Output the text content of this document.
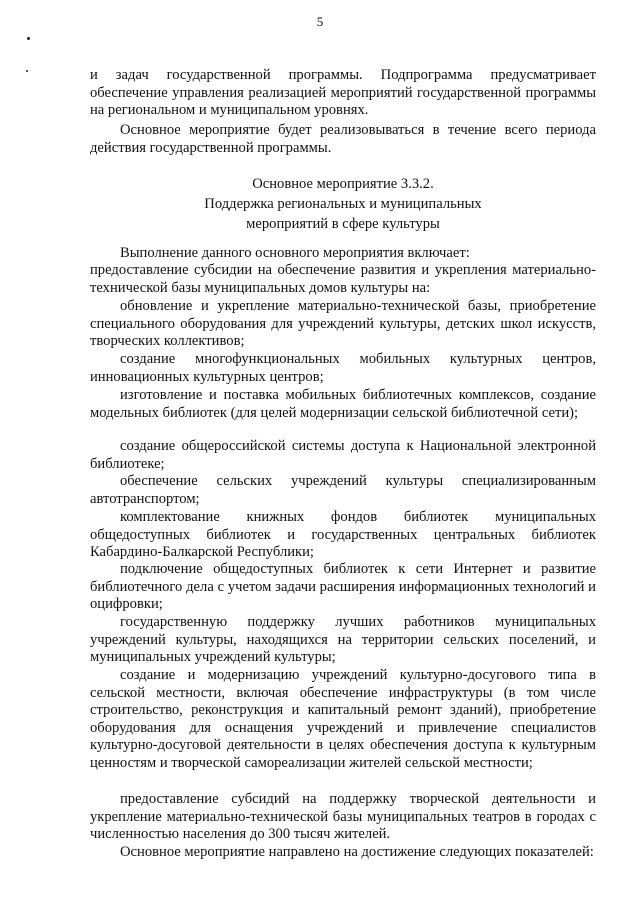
5

и задач государственной программы. Подпрограмма предусматривает обеспечение управления реализацией мероприятий государственной программы на региональном и муниципальном уровнях.

Основное мероприятие будет реализовываться в течение всего периода действия государственной программы.

Основное мероприятие 3.3.2.
Поддержка региональных и муниципальных
мероприятий в сфере культуры

Выполнение данного основного мероприятия включает:

предоставление субсидии на обеспечение развития и укрепления материально-технической базы муниципальных домов культуры на:

обновление и укрепление материально-технической базы, приобретение специального оборудования для учреждений культуры, детских школ искусств, творческих коллективов;

создание многофункциональных мобильных культурных центров, инновационных культурных центров;

изготовление и поставка мобильных библиотечных комплексов, создание модельных библиотек (для целей модернизации сельской библиотечной сети);

создание общероссийской системы доступа к Национальной электронной библиотеке;

обеспечение сельских учреждений культуры специализированным автотранспортом;

комплектование книжных фондов библиотек муниципальных общедоступных библиотек и государственных центральных библиотек Кабардино-Балкарской Республики;

подключение общедоступных библиотек к сети Интернет и развитие библиотечного дела с учетом задачи расширения информационных технологий и оцифровки;

государственную поддержку лучших работников муниципальных учреждений культуры, находящихся на территории сельских поселений, и муниципальных учреждений культуры;

создание и модернизацию учреждений культурно-досугового типа в сельской местности, включая обеспечение инфраструктуры (в том числе строительство, реконструкция и капитальный ремонт зданий), приобретение оборудования для оснащения учреждений и привлечение специалистов культурно-досуговой деятельности в целях обеспечения доступа к культурным ценностям и творческой самореализации жителей сельской местности;

предоставление субсидий на поддержку творческой деятельности и укрепление материально-технической базы муниципальных театров в городах с численностью населения до 300 тысяч жителей.

Основное мероприятие направлено на достижение следующих показателей:
